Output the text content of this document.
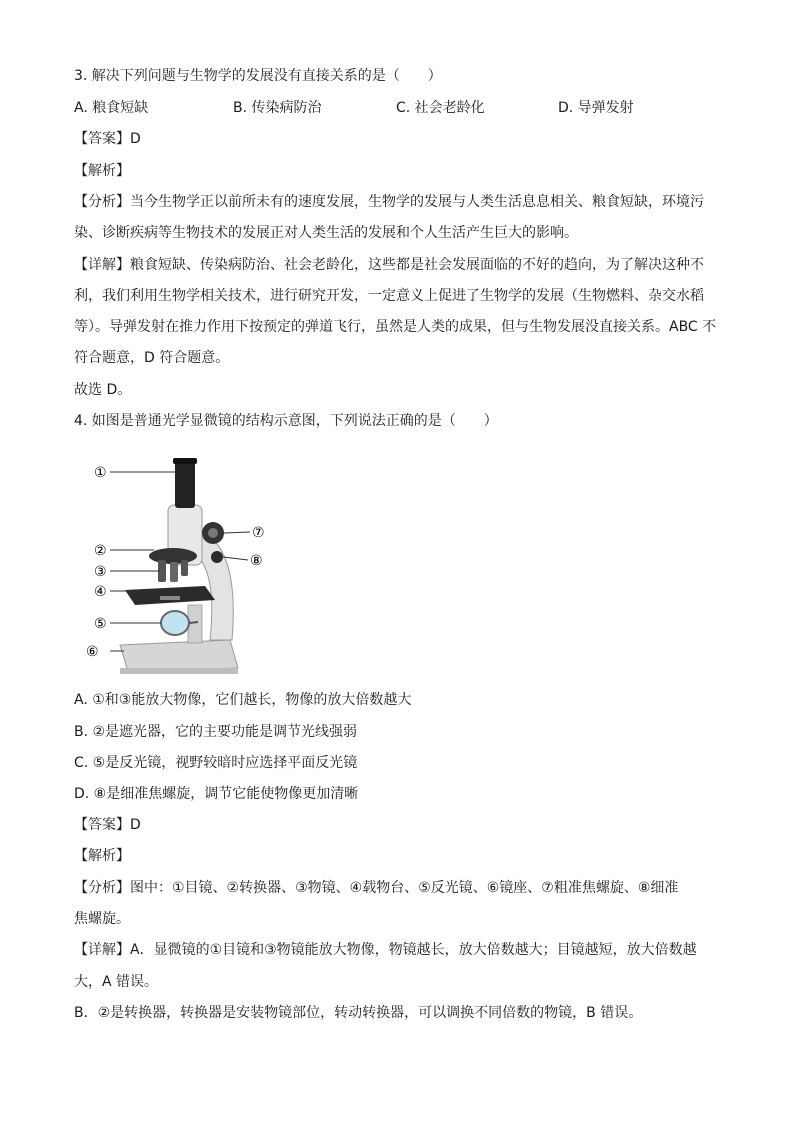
3. 解决下列问题与生物学的发展没有直接关系的是（　　）
A. 粮食短缺	B. 传染病防治	C. 社会老龄化	D. 导弹发射
【答案】D
【解析】
【分析】当今生物学正以前所未有的速度发展，生物学的发展与人类生活息息相关、粮食短缺，环境污
染、诊断疾病等生物技术的发展正对人类生活的发展和个人生活产生巨大的影响。
【详解】粮食短缺、传染病防治、社会老龄化，这些都是社会发展面临的不好的趋向，为了解决这种不
利，我们利用生物学相关技术，进行研究开发，一定意义上促进了生物学的发展（生物燃料、杂交水稻
等）。导弹发射在推力作用下按预定的弹道飞行，虽然是人类的成果，但与生物发展没直接关系。ABC 不
符合题意，D 符合题意。
故选 D。
4. 如图是普通光学显微镜的结构示意图，下列说法正确的是（　　）
①
②
③
④
⑤
⑥
⑦
⑧
A. ①和③能放大物像，它们越长，物像的放大倍数越大
B. ②是遮光器，它的主要功能是调节光线强弱
C. ⑤是反光镜，视野较暗时应选择平面反光镜
D. ⑧是细准焦螺旋，调节它能使物像更加清晰
【答案】D
【解析】
【分析】图中：①目镜、②转换器、③物镜、④载物台、⑤反光镜、⑥镜座、⑦粗准焦螺旋、⑧细准
焦螺旋。
【详解】A．显微镜的①目镜和③物镜能放大物像，物镜越长，放大倍数越大；目镜越短，放大倍数越
大，A 错误。
B．②是转换器，转换器是安装物镜部位，转动转换器，可以调换不同倍数的物镜，B 错误。
